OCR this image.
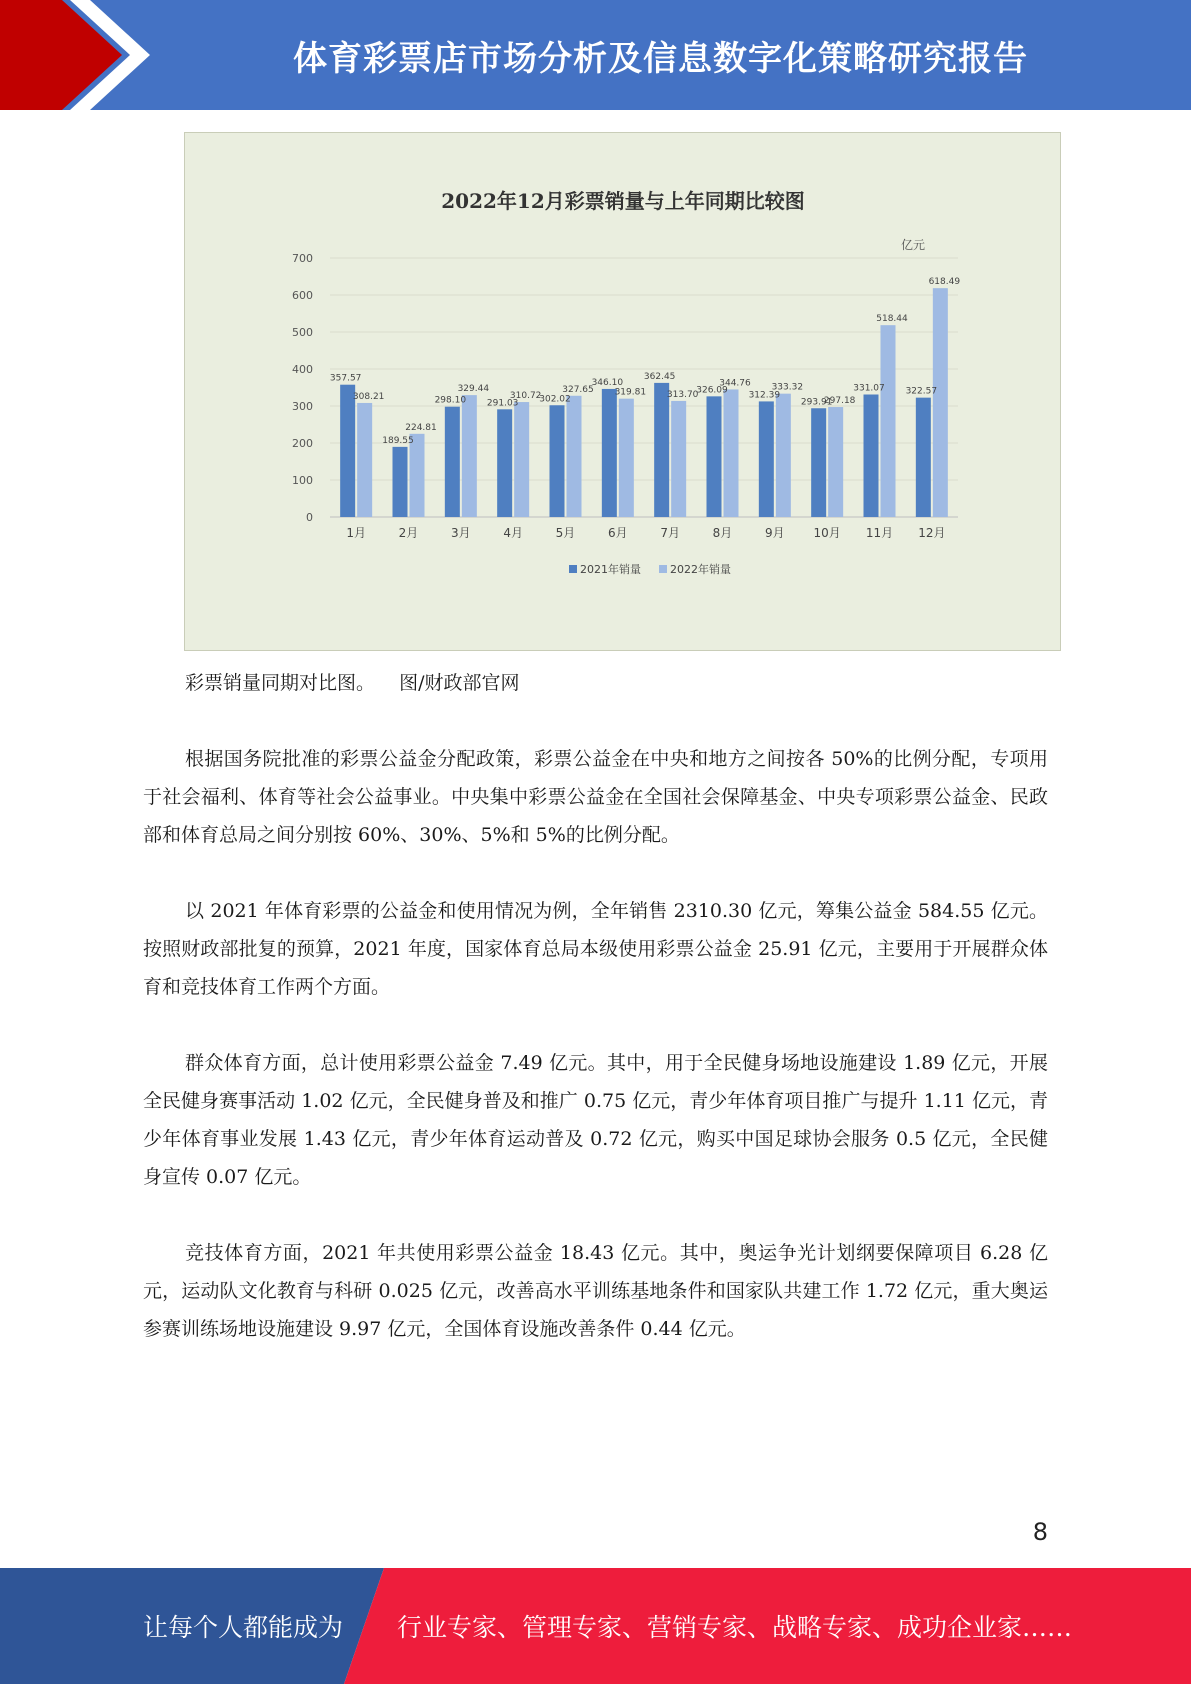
体育彩票店市场分析及信息数字化策略研究报告
2022年12月彩票销量与上年同期比较图
亿元
0
100
200
300
400
500
600
700
357.57
308.21
189.55
224.81
298.10
329.44
291.03
310.72
302.02
327.65
346.10
319.81
362.45
313.70
326.09
344.76
312.39
333.32
293.91
297.18
331.07
518.44
322.57
618.49
1月	2月	3月	4月	5月	6月	7月	8月	9月 10月 11月 12月
2021年销量	2022年销量
彩票销量同期对比图。    图/财政部官网

根据国务院批准的彩票公益金分配政策，彩票公益金在中央和地方之间按各 50%的比例分配，专项用于社会福利、体育等社会公益事业。中央集中彩票公益金在全国社会保障基金、中央专项彩票公益金、民政部和体育总局之间分别按 60%、30%、5%和 5%的比例分配。

以 2021 年体育彩票的公益金和使用情况为例，全年销售 2310.30 亿元，筹集公益金 584.55 亿元。按照财政部批复的预算，2021 年度，国家体育总局本级使用彩票公益金 25.91 亿元，主要用于开展群众体育和竞技体育工作两个方面。

群众体育方面，总计使用彩票公益金 7.49 亿元。其中，用于全民健身场地设施建设 1.89 亿元，开展全民健身赛事活动 1.02 亿元，全民健身普及和推广 0.75 亿元，青少年体育项目推广与提升 1.11 亿元，青少年体育事业发展 1.43 亿元，青少年体育运动普及 0.72 亿元，购买中国足球协会服务 0.5 亿元，全民健身宣传 0.07 亿元。

竞技体育方面，2021 年共使用彩票公益金 18.43 亿元。其中，奥运争光计划纲要保障项目 6.28 亿元，运动队文化教育与科研 0.025 亿元，改善高水平训练基地条件和国家队共建工作 1.72 亿元，重大奥运参赛训练场地设施建设 9.97 亿元，全国体育设施改善条件 0.44 亿元。

8
让每个人都能成为 行业专家、管理专家、营销专家、战略专家、成功企业家……
